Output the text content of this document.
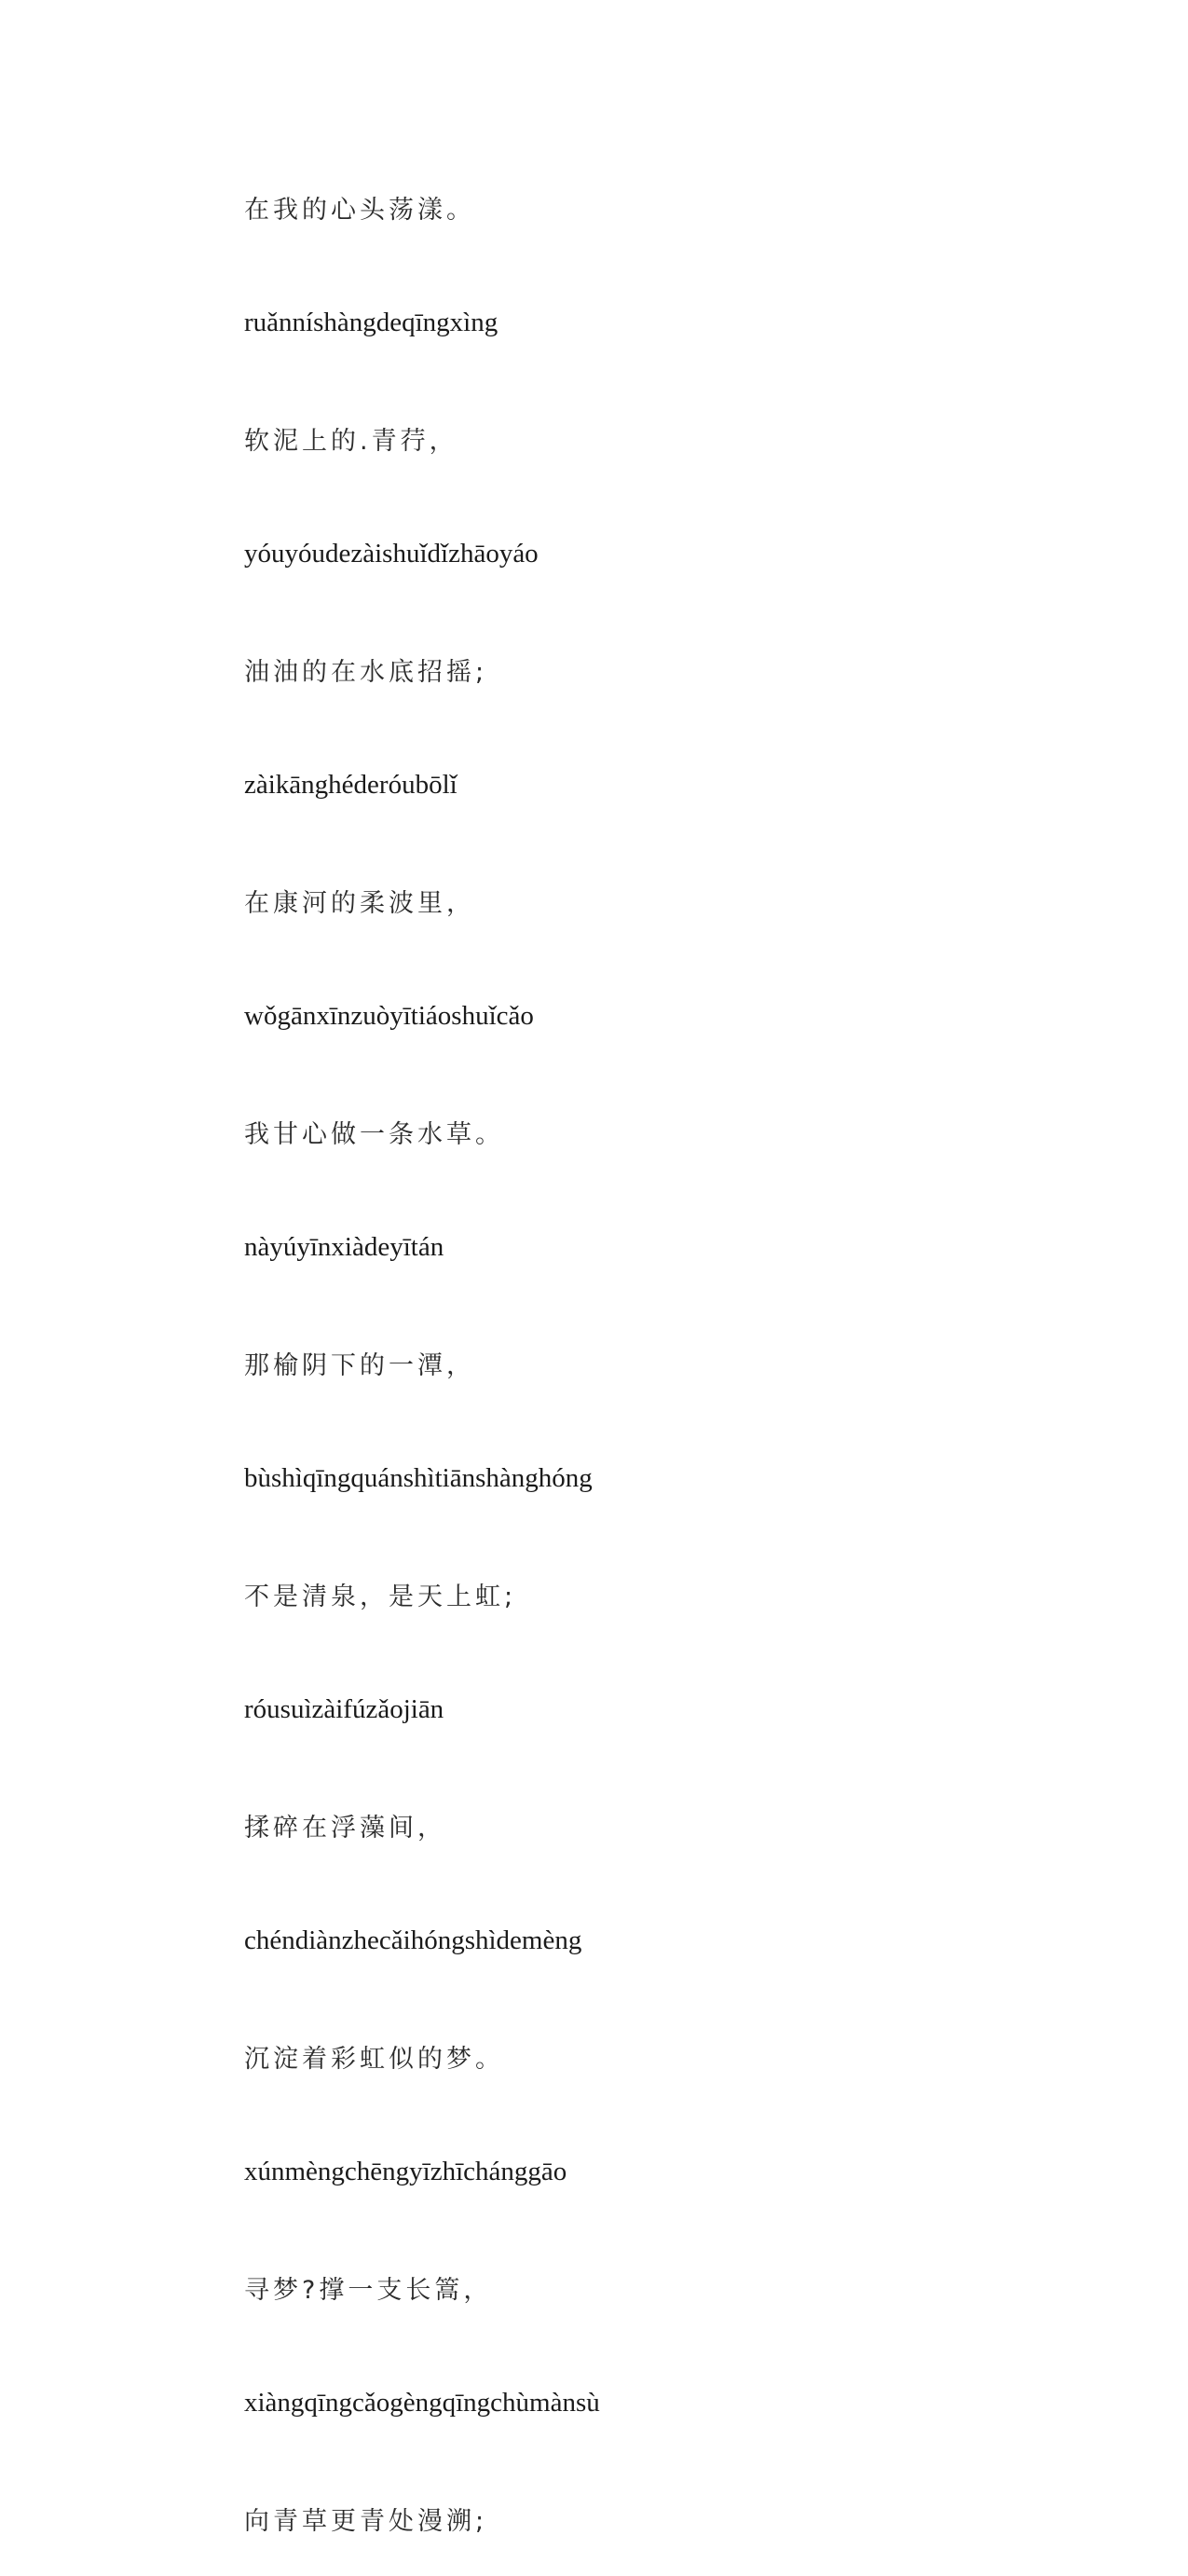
在我的心头荡漾。
ruǎnníshàngdeqīngxìng
软泥上的.青荇，
yóuyóudezàishuǐdǐzhāoyáo
油油的在水底招摇;
zàikānghéderóubōlǐ
在康河的柔波里，
wǒgānxīnzuòyītiáoshuǐcǎo
我甘心做一条水草。
nàyúyīnxiàdeyītán
那榆阴下的一潭，
bùshìqīngquánshìtiānshànghóng
不是清泉，是天上虹;
róusuìzàifúzǎojiān
揉碎在浮藻间，
chéndiànzhecǎihóngshìdemèng
沉淀着彩虹似的梦。
xúnmèngchēngyīzhīchánggāo
寻梦?撑一支长篙，
xiàngqīngcǎogèngqīngchùmànsù
向青草更青处漫溯;
